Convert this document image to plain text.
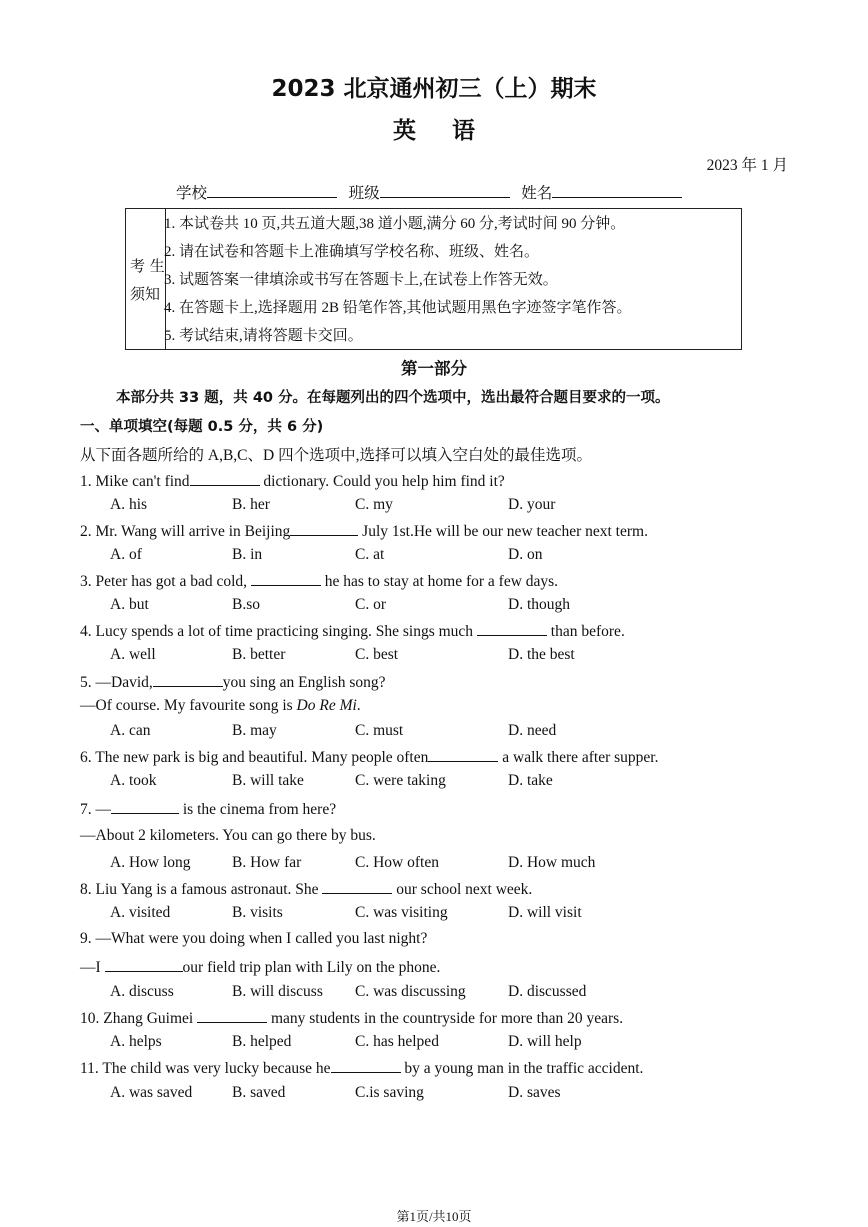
2023 北京通州初三（上）期末
英语
2023 年 1 月
学校	班级	姓名
考 生
须知
1. 本试卷共 10 页,共五道大题,38 道小题,满分 60 分,考试时间 90 分钟。
2. 请在试卷和答题卡上准确填写学校名称、班级、姓名。
3. 试题答案一律填涂或书写在答题卡上,在试卷上作答无效。
4. 在答题卡上,选择题用 2B 铅笔作答,其他试题用黑色字迹签字笔作答。
5. 考试结束,请将答题卡交回。
第一部分
本部分共 33 题，共 40 分。在每题列出的四个选项中，选出最符合题目要求的一项。
一、单项填空(每题 0.5 分，共 6 分)
从下面各题所给的 A,B,C、D 四个选项中,选择可以填入空白处的最佳选项。
1. Mike can't find	dictionary. Could you help him find it?
A. his	B. her	C. my	D. your
2. Mr. Wang will arrive in Beijing	July 1st.He will be our new teacher next term.
A. of	B. in	C. at	D. on
3. Peter has got a bad cold,	he has to stay at home for a few days.
A. but	B.so	C. or	D. though
4. Lucy spends a lot of time practicing singing. She sings much	than before.
A. well	B. better	C. best	D. the best
5. —David,	you sing an English song?
—Of course. My favourite song is Do Re Mi.
A. can	B. may	C. must	D. need
6. The new park is big and beautiful. Many people often	a walk there after supper.
A. took	B. will take	C. were taking	D. take
7. —	is the cinema from here?
—About 2 kilometers. You can go there by bus.
A. How long	B. How far	C. How often	D. How much
8. Liu Yang is a famous astronaut. She	our school next week.
A. visited	B. visits	C. was visiting	D. will visit
9. —What were you doing when I called you last night?
—I	our field trip plan with Lily on the phone.
A. discuss	B. will discuss C. was discussing	D. discussed
10. Zhang Guimei	many students in the countryside for more than 20 years.
A. helps	B. helped	C. has helped	D. will help
11. The child was very lucky because he	by a young man in the traffic accident.
A. was saved	B. saved	C.is saving	D. saves
第1页/共10页
